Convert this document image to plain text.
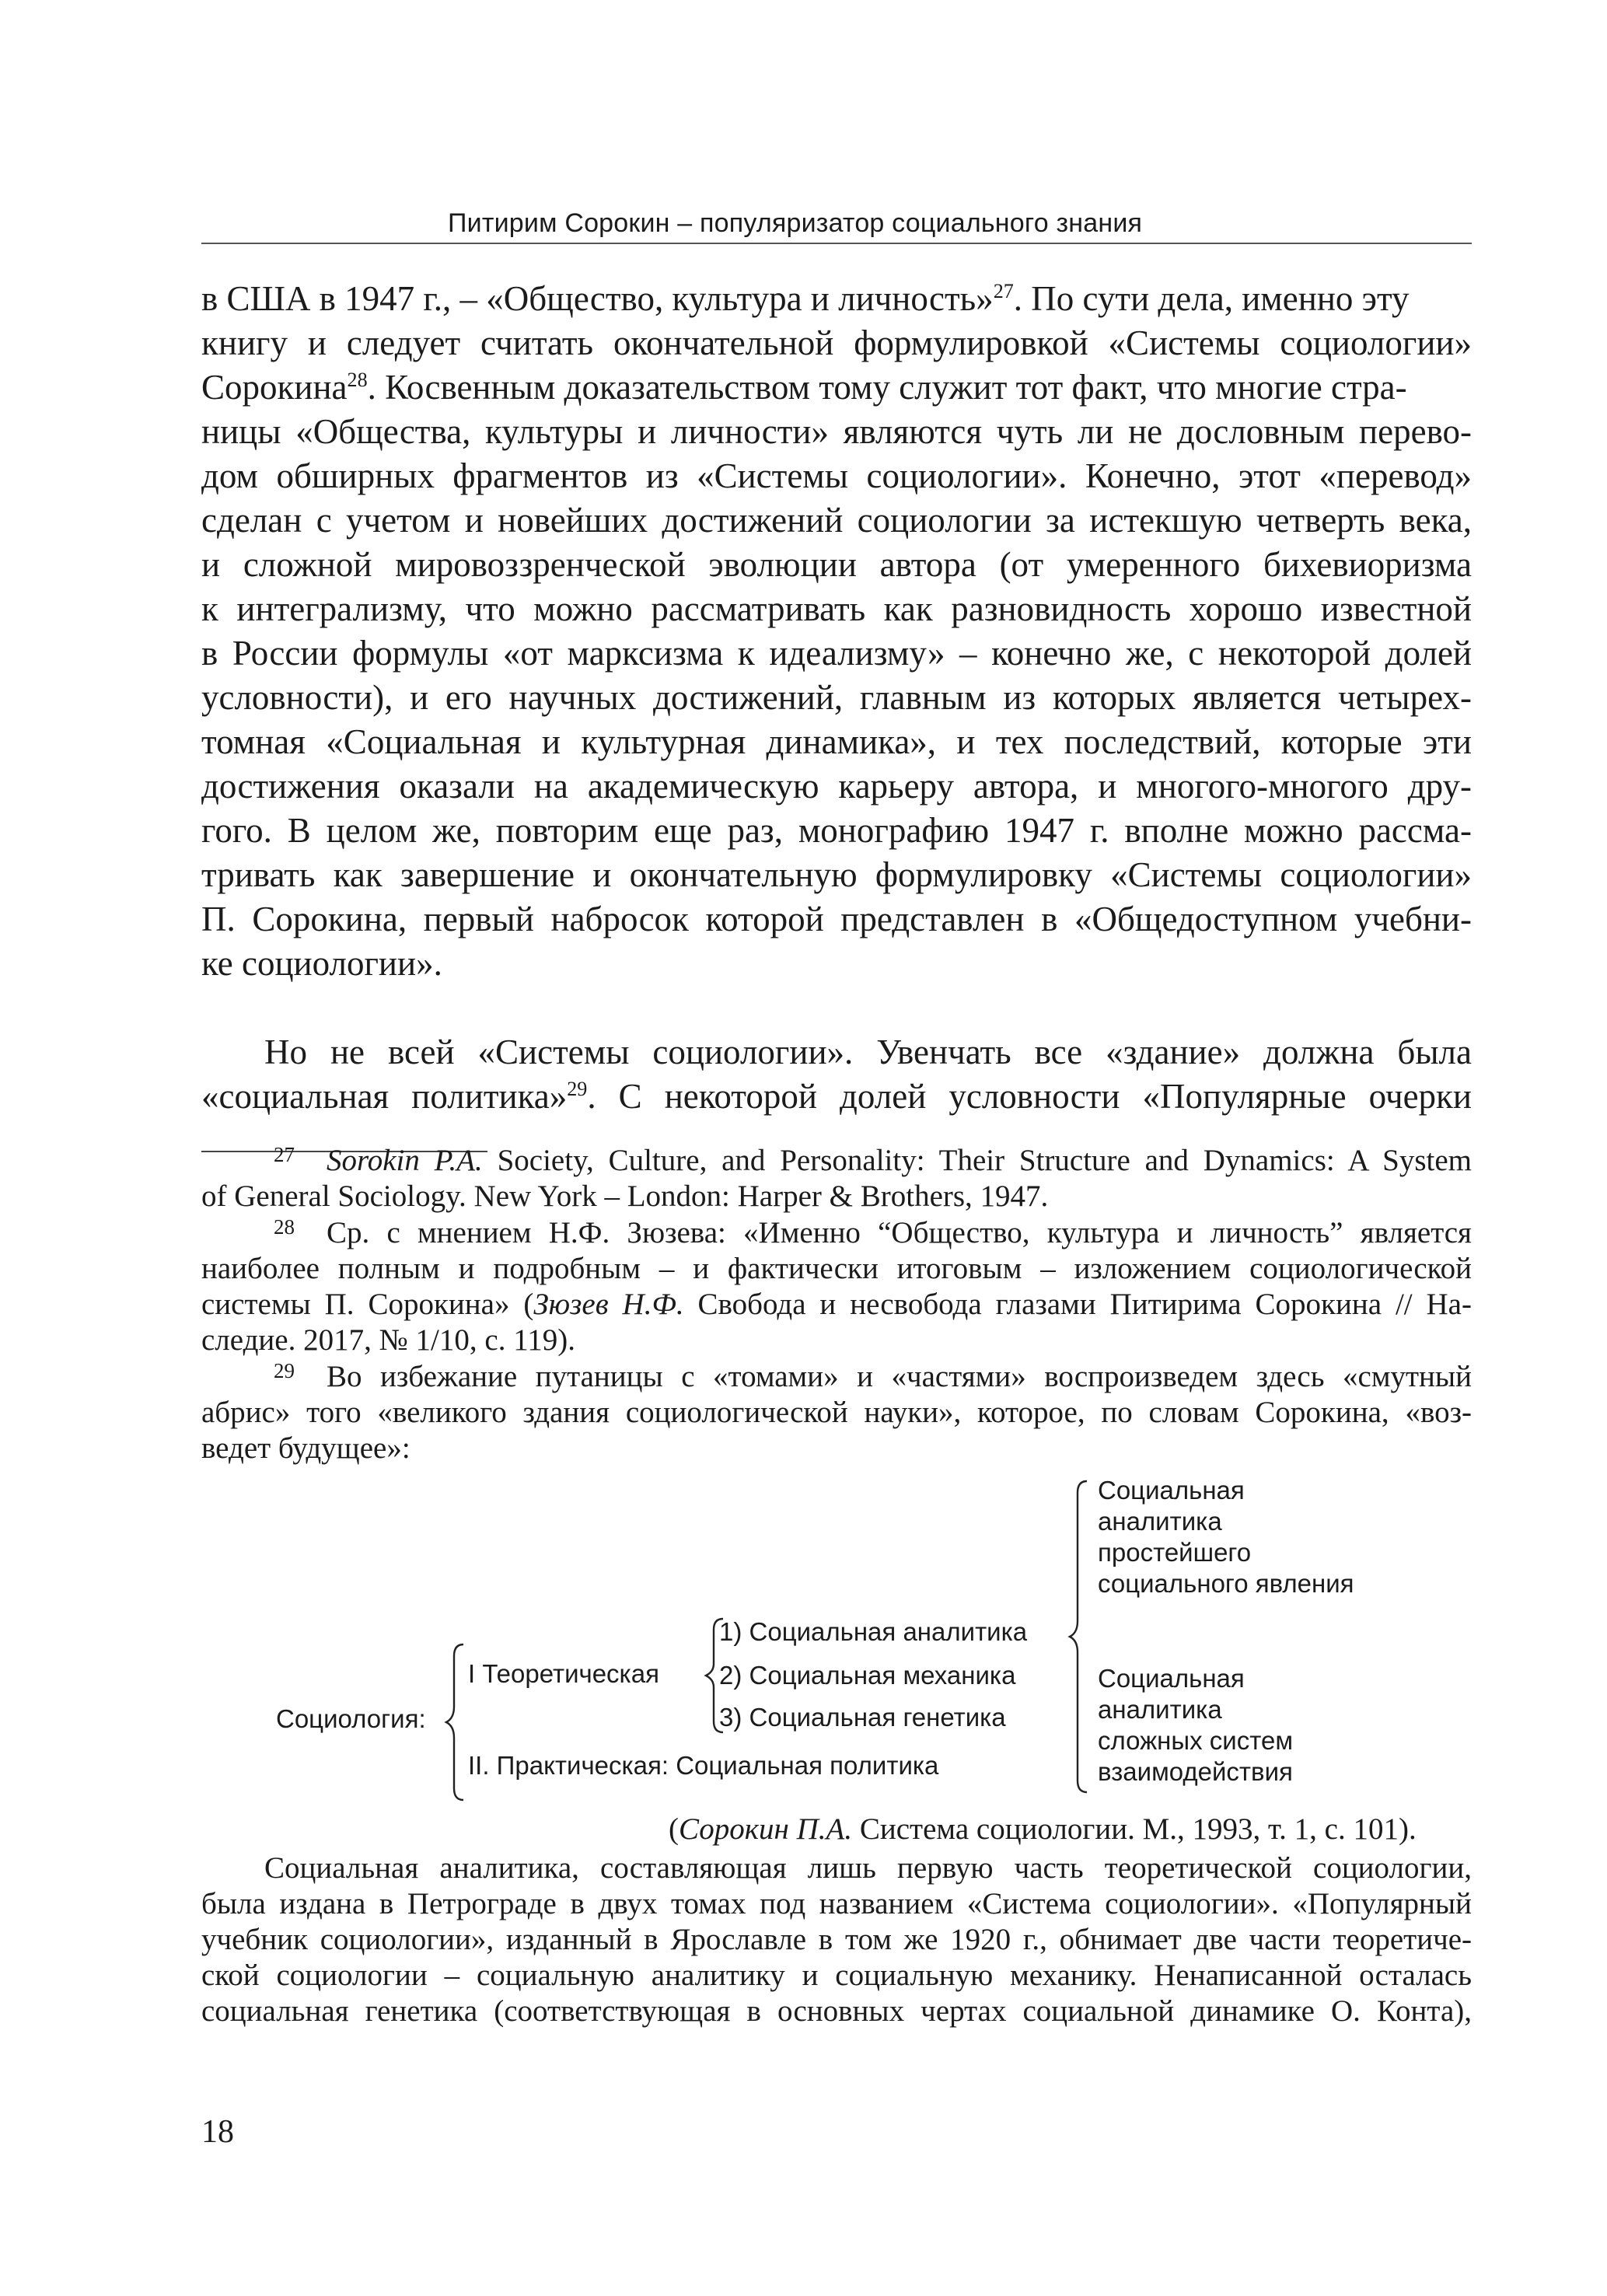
Питирим Сорокин – популяризатор социального знания
в США в 1947 г., – «Общество, культура и личность»$^{27}$. По сути дела, именно эту
книгу и следует считать окончательной формулировкой «Системы социологии»
Сорокина$^{28}$. Косвенным доказательством тому служит тот факт, что многие стра-
ницы «Общества, культуры и личности» являются чуть ли не дословным перево-
дом обширных фрагментов из «Системы социологии». Конечно, этот «перевод»
сделан с учетом и новейших достижений социологии за истекшую четверть века,
и сложной мировоззренческой эволюции автора (от умеренного бихевиоризма
к интегрализму, что можно рассматривать как разновидность хорошо известной
в России формулы «от марксизма к идеализму» – конечно же, с некоторой долей
условности), и его научных достижений, главным из которых является четырех-
томная «Социальная и культурная динамика», и тех последствий, которые эти
достижения оказали на академическую карьеру автора, и многого-многого дру-
гого. В целом же, повторим еще раз, монографию 1947 г. вполне можно рассма-
тривать как завершение и окончательную формулировку «Системы социологии»
П. Сорокина, первый набросок которой представлен в «Общедоступном учебни-
ке социологии».
Но не всей «Системы социологии». Увенчать все «здание» должна была
«социальная политика»$^{29}$. С некоторой долей условности «Популярные очерки
27 Sorokin P.A. Society, Culture, and Personality: Their Structure and Dynamics: A System
of General Sociology. New York – London: Harper & Brothers, 1947.
28 Ср. с мнением Н.Ф. Зюзева: «Именно “Общество, культура и личность” является
наиболее полным и подробным – и фактически итоговым – изложением социологической
системы П. Сорокина» (Зюзев Н.Ф. Свобода и несвобода глазами Питирима Сорокина // На-
следие. 2017, № 1/10, с. 119).
29 Во избежание путаницы с «томами» и «частями» воспроизведем здесь «смутный
абрис» того «великого здания социологической науки», которое, по словам Сорокина, «воз-
ведет будущее»:
Социология:
I Теоретическая
II. Практическая: Социальная политика
1) Социальная аналитика
2) Социальная механика
3) Социальная генетика
Социальная
аналитика
простейшего
социального явления
Социальная
аналитика
сложных систем
взаимодействия
(Сорокин П.А. Система социологии. М., 1993, т. 1, с. 101).
Социальная аналитика, составляющая лишь первую часть теоретической социологии,
была издана в Петрограде в двух томах под названием «Система социологии». «Популярный
учебник социологии», изданный в Ярославле в том же 1920 г., обнимает две части теоретиче-
ской социологии – социальную аналитику и социальную механику. Ненаписанной осталась
социальная генетика (соответствующая в основных чертах социальной динамике О. Конта),
18
